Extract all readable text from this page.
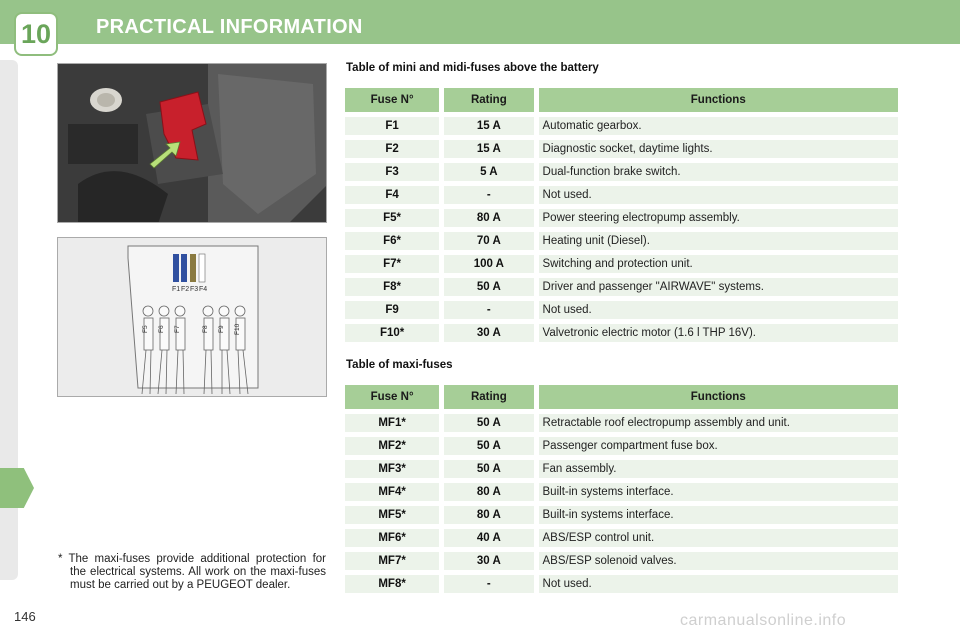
10 PRACTICAL INFORMATION
F1 F2 F3 F4
F5 F6 F7	F8 F9 F10
Table of mini and midi-fuses above the battery
Fuse N°	Rating	Functions
F1	15 A	Automatic gearbox.
F2	15 A	Diagnostic socket, daytime lights.
F3	5 A	Dual-function brake switch.
F4	-	Not used.
F5*	80 A	Power steering electropump assembly.
F6*	70 A	Heating unit (Diesel).
F7*	100 A	Switching and protection unit.
F8*	50 A	Driver and passenger "AIRWAVE" systems.
F9	-	Not used.
F10*	30 A	Valvetronic electric motor (1.6 l THP 16V).
Table of maxi-fuses
Fuse N°	Rating	Functions
MF1*	50 A	Retractable roof electropump assembly and unit.
MF2*	50 A	Passenger compartment fuse box.
MF3*	50 A	Fan assembly.
MF4*	80 A	Built-in systems interface.
MF5*	80 A	Built-in systems interface.
MF6*	40 A	ABS/ESP control unit.
MF7*	30 A	ABS/ESP solenoid valves.
MF8*	-	Not used.
* The maxi-fuses provide additional protection for the electrical systems. All work on the maxi-fuses must be carried out by a PEUGEOT dealer.
146	carmanualsonline.info
